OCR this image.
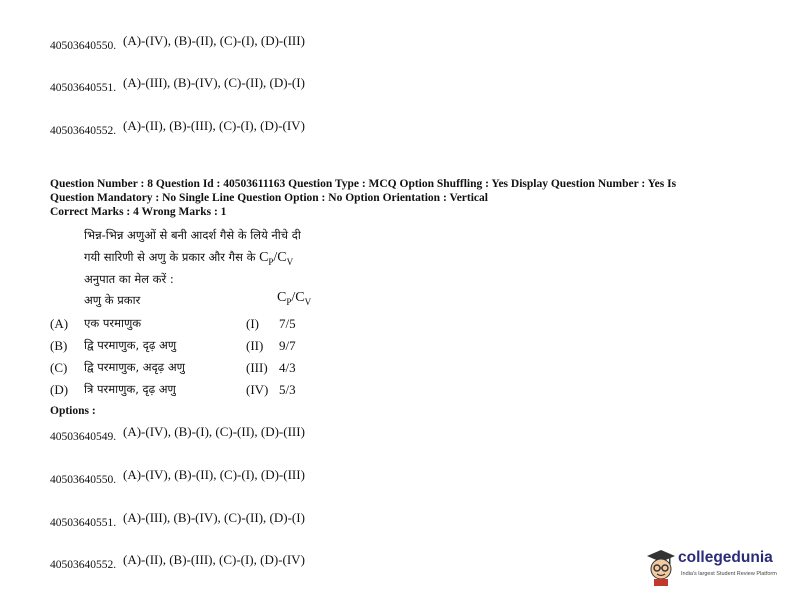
40503640550. (A)-(IV), (B)-(II), (C)-(I), (D)-(III)
40503640551. (A)-(III), (B)-(IV), (C)-(II), (D)-(I)
40503640552. (A)-(II), (B)-(III), (C)-(I), (D)-(IV)
Question Number : 8 Question Id : 40503611163 Question Type : MCQ Option Shuffling : Yes Display Question Number : Yes Is
Question Mandatory : No Single Line Question Option : No Option Orientation : Vertical
Correct Marks : 4 Wrong Marks : 1
भिन्न-भिन्न अणुओं से बनी आदर्श गैसे के लिये नीचे दी
गयी सारिणी से अणु के प्रकार और गैस के $C_P/C_V$
अनुपात का मेल करें :
अणु के प्रकार	$C_P/C_V$
(A) एक परमाणुक	(I) 7/5
(B) द्वि परमाणुक, दृढ़ अणु	(II) 9/7
(C) द्वि परमाणुक, अदृढ़ अणु	(III) 4/3
(D) त्रि परमाणुक, दृढ़ अणु	(IV) 5/3
Options :
40503640549. (A)-(IV), (B)-(I), (C)-(II), (D)-(III)
40503640550. (A)-(IV), (B)-(II), (C)-(I), (D)-(III)
40503640551. (A)-(III), (B)-(IV), (C)-(II), (D)-(I)
40503640552. (A)-(II), (B)-(III), (C)-(I), (D)-(IV)	collegedunia
India's largest Student Review Platform
